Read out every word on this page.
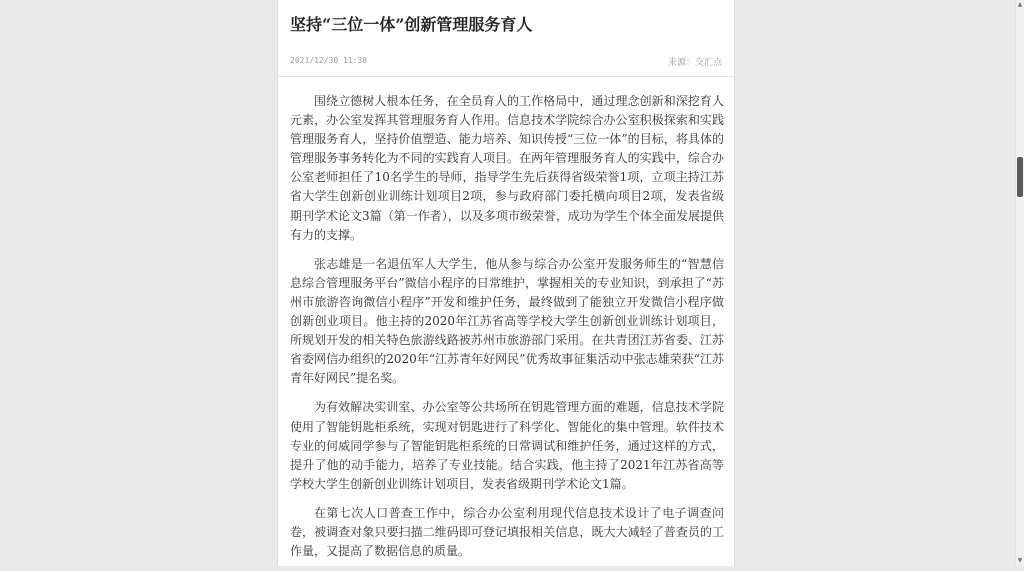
坚持“三位一体”创新管理服务育人
2021/12/30 11:38	来源：交汇点

围绕立德树人根本任务，在全员育人的工作格局中，通过理念创新和深挖育人元素，办公室发挥其管理服务育人作用。信息技术学院综合办公室积极探索和实践管理服务育人，坚持价值塑造、能力培养、知识传授“三位一体”的目标，将具体的管理服务事务转化为不同的实践育人项目。在两年管理服务育人的实践中，综合办公室老师担任了10名学生的导师，指导学生先后获得省级荣誉1项，立项主持江苏省大学生创新创业训练计划项目2项，参与政府部门委托横向项目2项，发表省级期刊学术论文3篇（第一作者），以及多项市级荣誉，成功为学生个体全面发展提供有力的支撑。

张志雄是一名退伍军人大学生，他从参与综合办公室开发服务师生的“智慧信息综合管理服务平台”微信小程序的日常维护，掌握相关的专业知识，到承担了“苏州市旅游咨询微信小程序”开发和维护任务，最终做到了能独立开发微信小程序做创新创业项目。他主持的2020年江苏省高等学校大学生创新创业训练计划项目，所规划开发的相关特色旅游线路被苏州市旅游部门采用。在共青团江苏省委、江苏省委网信办组织的2020年“江苏青年好网民”优秀故事征集活动中张志雄荣获“江苏青年好网民”提名奖。

为有效解决实训室、办公室等公共场所在钥匙管理方面的难题，信息技术学院使用了智能钥匙柜系统，实现对钥匙进行了科学化、智能化的集中管理。软件技术专业的何威同学参与了智能钥匙柜系统的日常调试和维护任务，通过这样的方式，提升了他的动手能力，培养了专业技能。结合实践，他主持了2021年江苏省高等学校大学生创新创业训练计划项目，发表省级期刊学术论文1篇。

在第七次人口普查工作中，综合办公室利用现代信息技术设计了电子调查问卷，被调查对象只要扫描二维码即可登记填报相关信息，既大大减轻了普查员的工作量，又提高了数据信息的质量。

▲
▼
